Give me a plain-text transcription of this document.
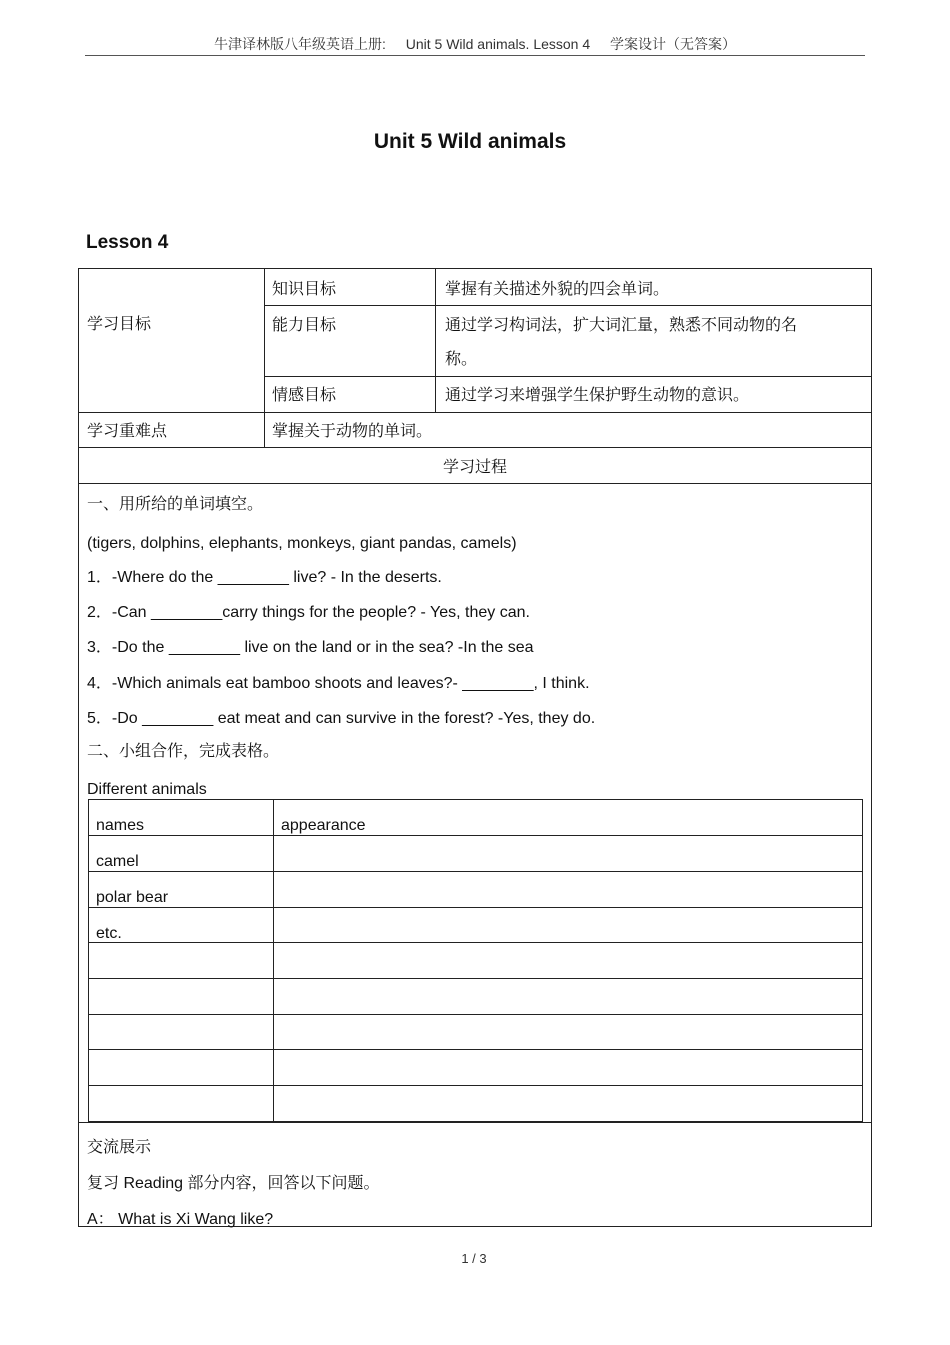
牛津译林版八年级英语上册: Unit 5 Wild animals. Lesson 4 学案设计（无答案）
Unit 5 Wild animals
Lesson 4
学习目标
知识目标	掌握有关描述外貌的四会单词。
能力目标	通过学习构词法，扩大词汇量，熟悉不同动物的名
称。
情感目标	通过学习来增强学生保护野生动物的意识。
学习重难点	掌握关于动物的单词。
学习过程
一、用所给的单词填空。
(tigers, dolphins, elephants, monkeys, giant pandas, camels)
1．-Where do the ________ live? - In the deserts.
2．-Can ________carry things for the people? - Yes, they can.
3．-Do the ________ live on the land or in the sea? -In the sea
4．-Which animals eat bamboo shoots and leaves?- ________, I think.
5．-Do ________ eat meat and can survive in the forest? -Yes, they do.
二、小组合作，完成表格。
Different animals
names	appearance
camel
polar bear
etc.
交流展示
复习 Reading 部分内容，回答以下问题。
A： What is Xi Wang like?
1 / 3
